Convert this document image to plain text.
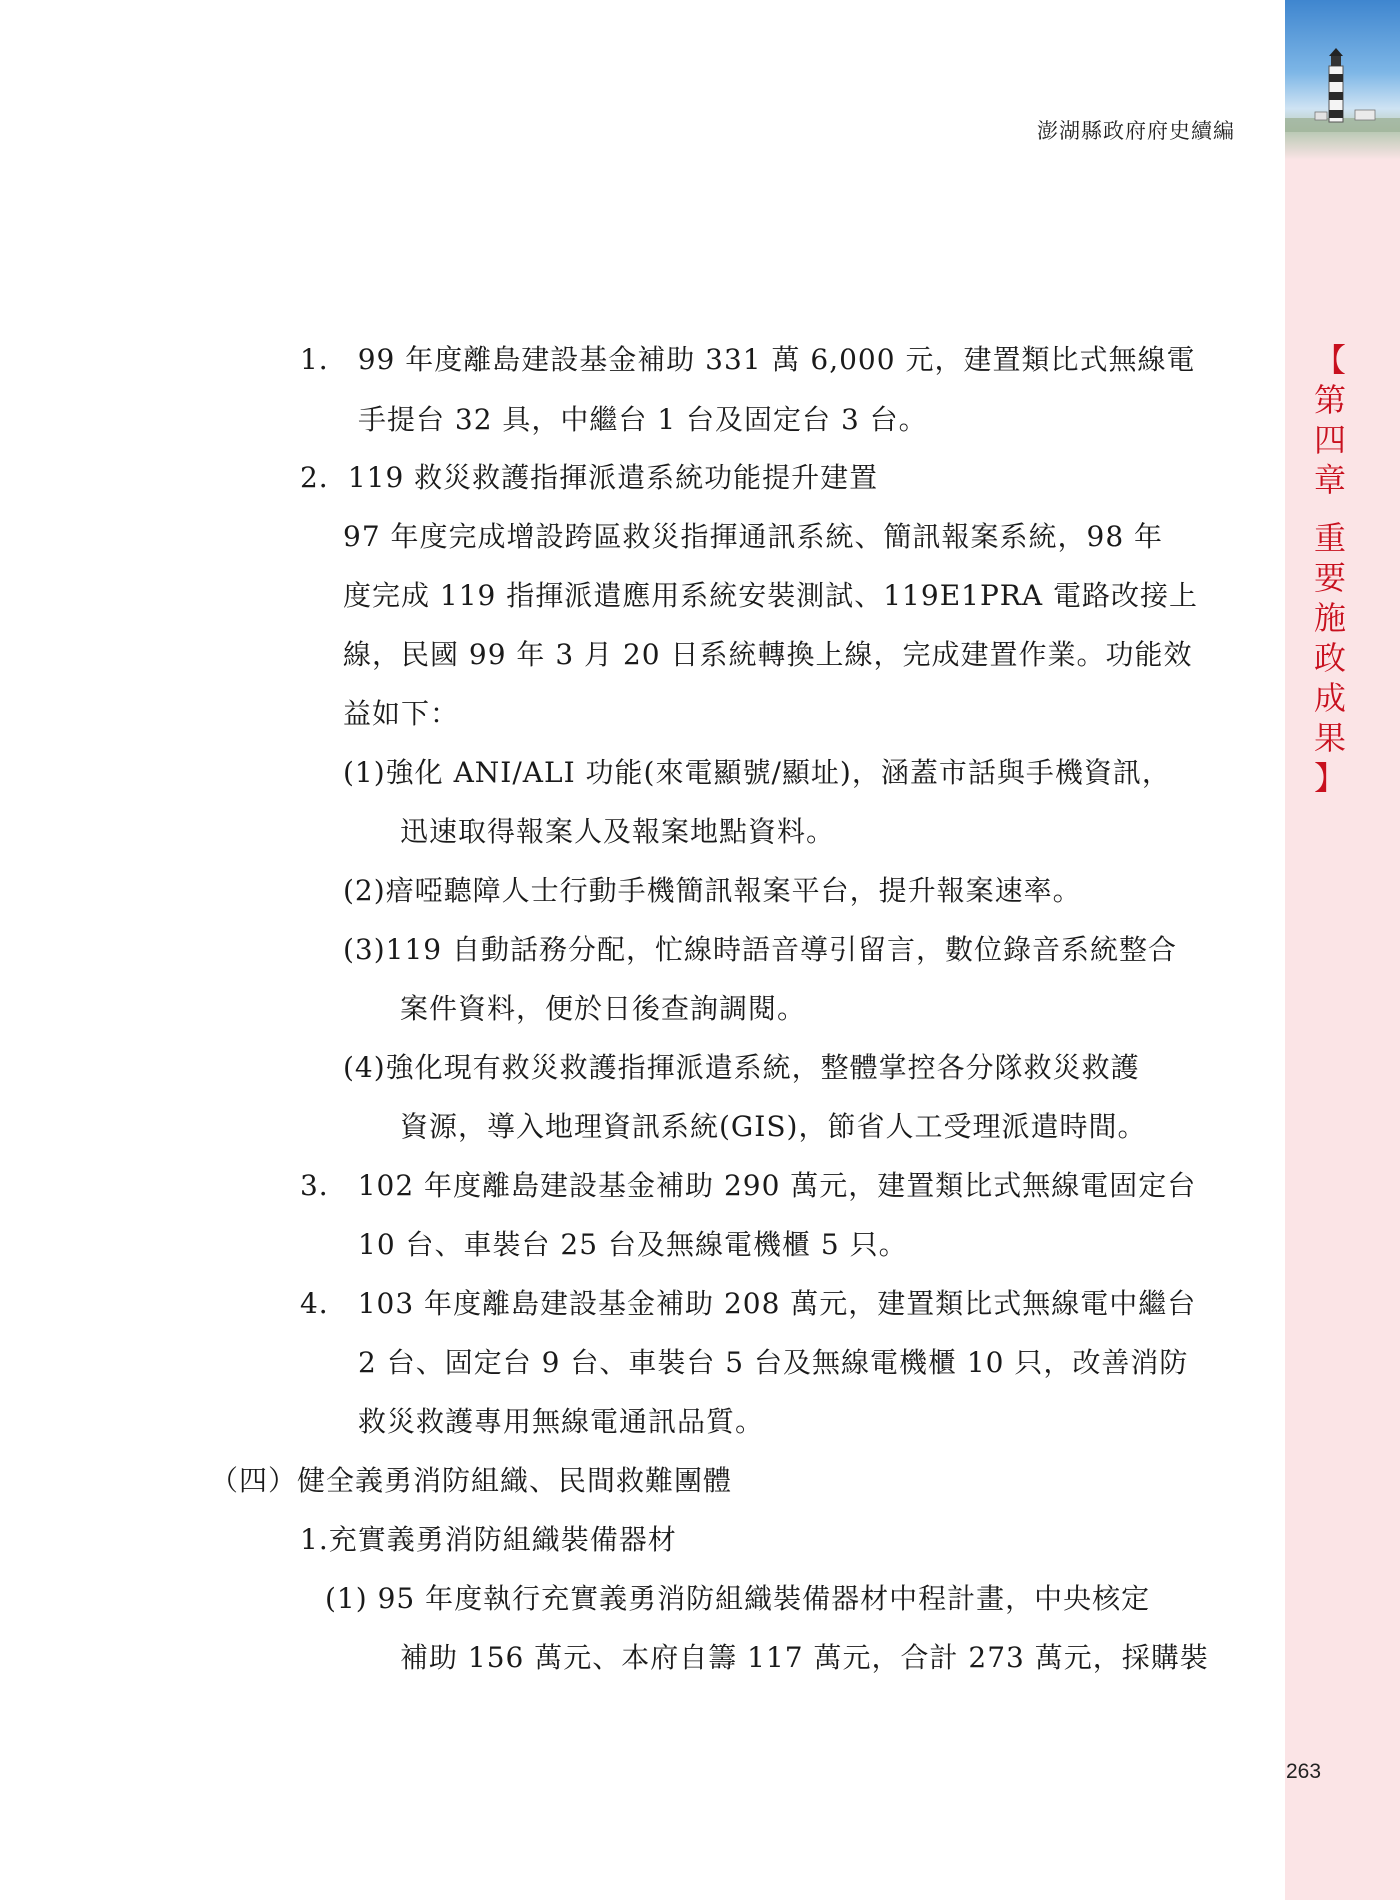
澎湖縣政府府史續編
【
第
四
章
重
要
施
政
成
果
】
1． 99 年度離島建設基金補助 331 萬 6,000 元，建置類比式無線電
手提台 32 具，中繼台 1 台及固定台 3 台。
2．119 救災救護指揮派遣系統功能提升建置
97 年度完成增設跨區救災指揮通訊系統、簡訊報案系統，98 年
度完成 119 指揮派遣應用系統安裝測試、119E1PRA 電路改接上
線，民國 99 年 3 月 20 日系統轉換上線，完成建置作業。功能效
益如下：
(1)強化 ANI/ALI 功能(來電顯號/顯址)，涵蓋市話與手機資訊，
迅速取得報案人及報案地點資料。
(2)瘖啞聽障人士行動手機簡訊報案平台，提升報案速率。
(3)119 自動話務分配，忙線時語音導引留言，數位錄音系統整合
案件資料，便於日後查詢調閱。
(4)強化現有救災救護指揮派遣系統，整體掌控各分隊救災救護
資源，導入地理資訊系統(GIS)，節省人工受理派遣時間。
3． 102 年度離島建設基金補助 290 萬元，建置類比式無線電固定台
10 台、車裝台 25 台及無線電機櫃 5 只。
4． 103 年度離島建設基金補助 208 萬元，建置類比式無線電中繼台
2 台、固定台 9 台、車裝台 5 台及無線電機櫃 10 只，改善消防
救災救護專用無線電通訊品質。
（四）健全義勇消防組織、民間救難團體
1.充實義勇消防組織裝備器材
(1) 95 年度執行充實義勇消防組織裝備器材中程計畫，中央核定
補助 156 萬元、本府自籌 117 萬元，合計 273 萬元，採購裝
263
